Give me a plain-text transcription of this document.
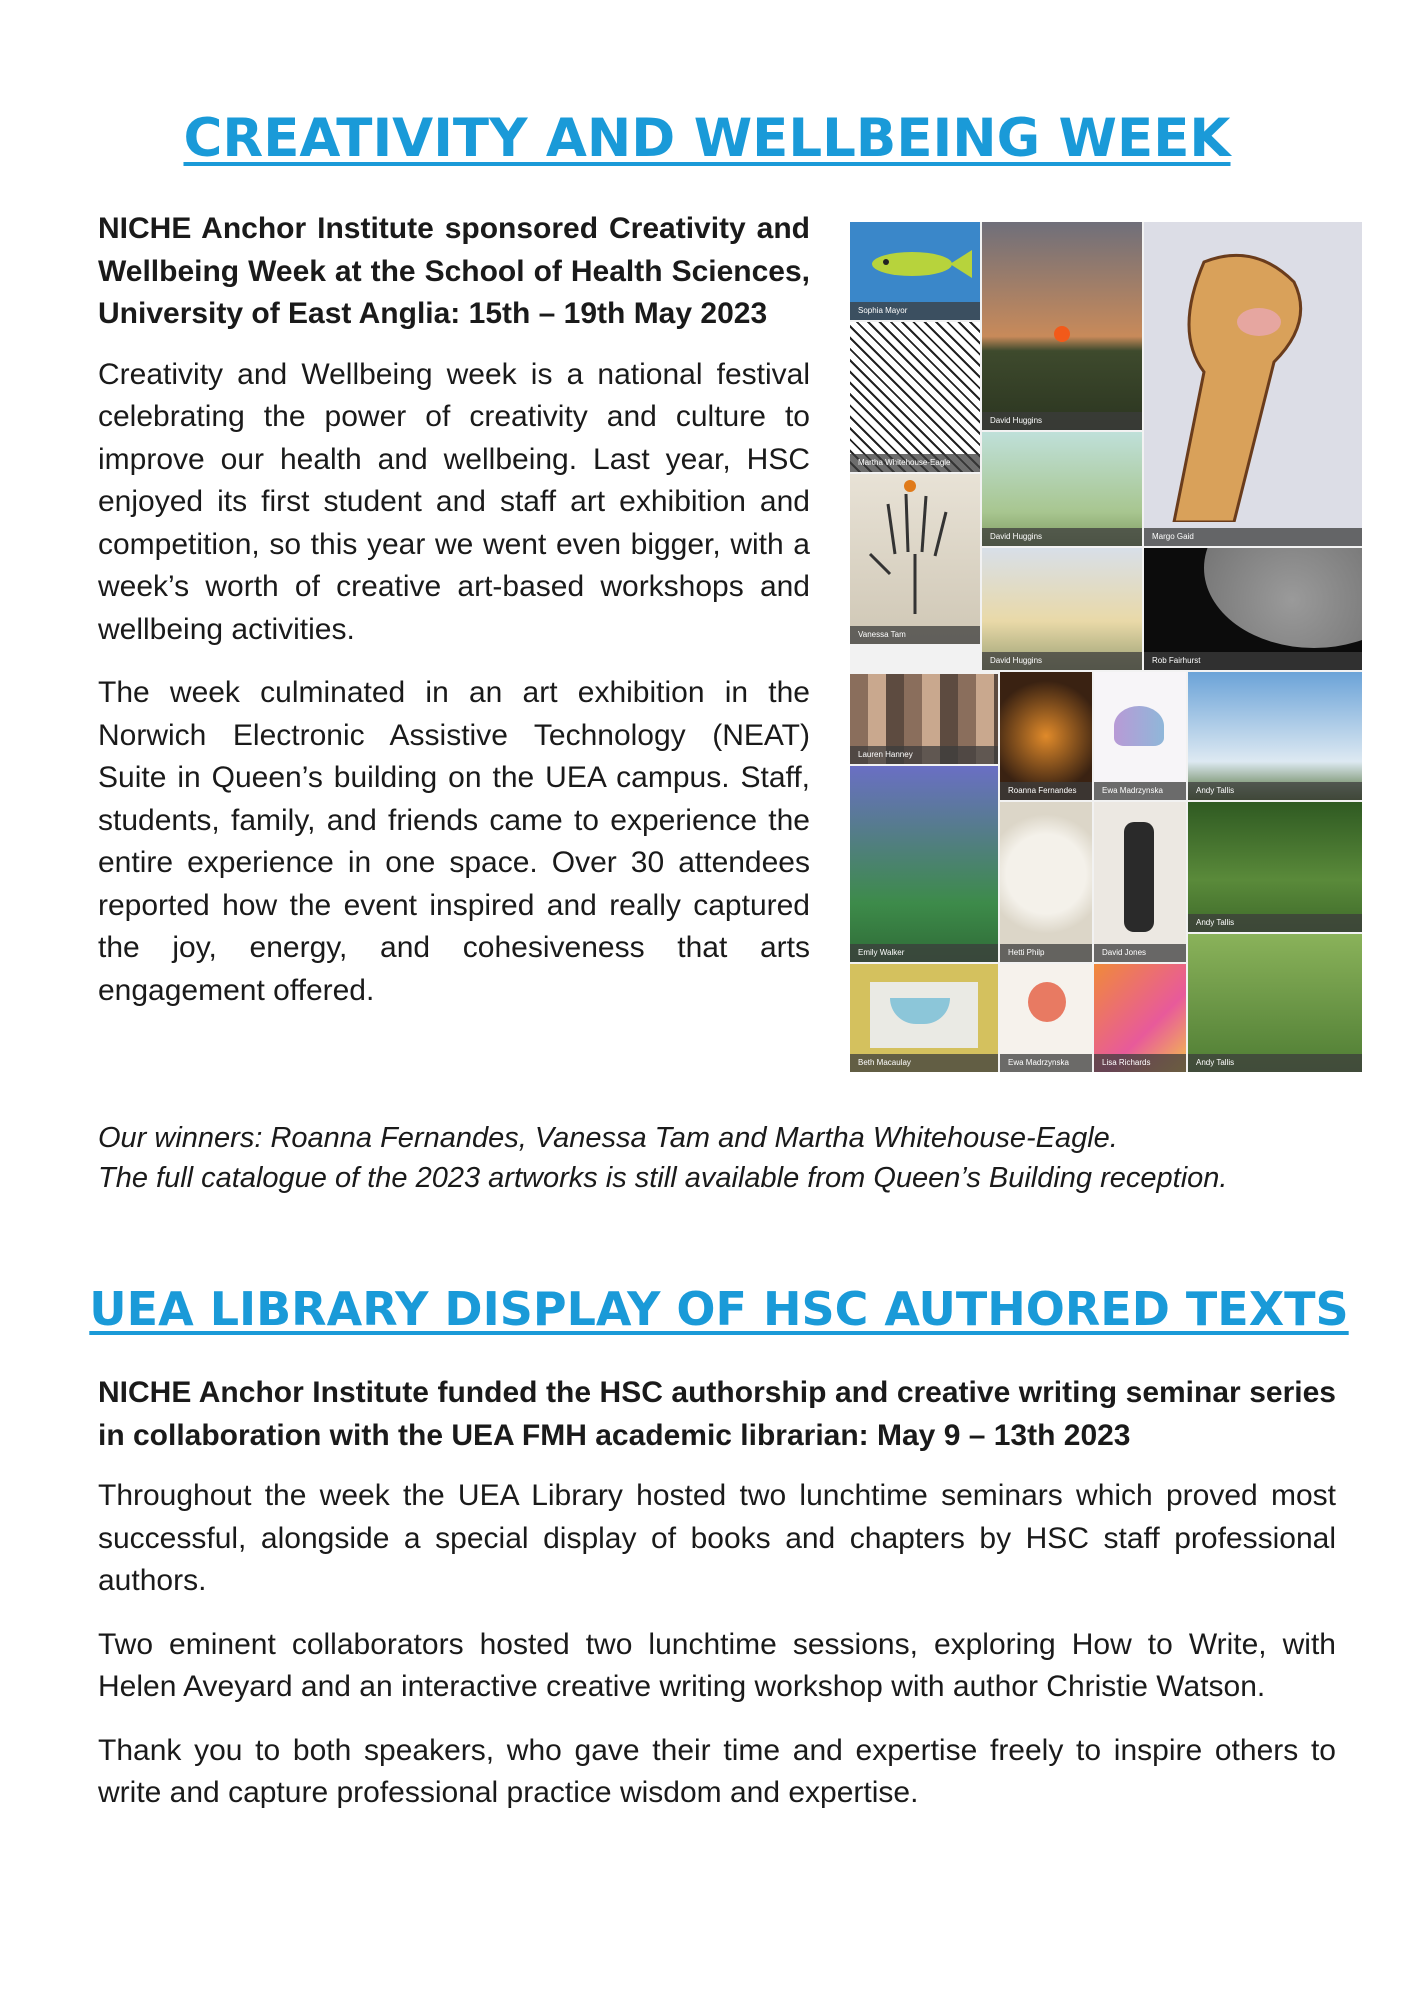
CREATIVITY AND WELLBEING WEEK

NICHE Anchor Institute sponsored Creativity and Wellbeing Week at the School of Health Sciences, University of East Anglia: 15th – 19th May 2023

Creativity and Wellbeing week is a national festival celebrating the power of creativity and culture to improve our health and wellbeing. Last year, HSC enjoyed its first student and staff art exhibition and competition, so this year we went even bigger, with a week’s worth of creative art-based workshops and wellbeing activities.

The week culminated in an art exhibition in the Norwich Electronic Assistive Technology (NEAT) Suite in Queen’s building on the UEA campus. Staff, students, family, and friends came to experience the entire experience in one space. Over 30 attendees reported how the event inspired and really captured the joy, energy, and cohesiveness that arts engagement offered.

Sophia Mayor
Martha Whitehouse-Eagle
Vanessa Tam
Lauren Hanney
Emily Walker
Beth Macaulay
David Huggins
David Huggins
David Huggins
Roanna Fernandes
Hetti Philp
Ewa Madrzynska
Margo Gaid
Rob Fairhurst
Ewa Madrzynska
David Jones
Lisa Richards
Andy Tallis
Andy Tallis
Andy Tallis
Our winners: Roanna Fernandes, Vanessa Tam and Martha Whitehouse-Eagle.
The full catalogue of the 2023 artworks is still available from Queen’s Building reception.
UEA LIBRARY DISPLAY OF HSC AUTHORED TEXTS

NICHE Anchor Institute funded the HSC authorship and creative writing seminar series in collaboration with the UEA FMH academic librarian: May 9 – 13th 2023

Throughout the week the UEA Library hosted two lunchtime seminars which proved most successful, alongside a special display of books and chapters by HSC staff professional authors.

Two eminent collaborators hosted two lunchtime sessions, exploring How to Write, with Helen Aveyard and an interactive creative writing workshop with author Christie Watson.

Thank you to both speakers, who gave their time and expertise freely to inspire others to write and capture professional practice wisdom and expertise.
